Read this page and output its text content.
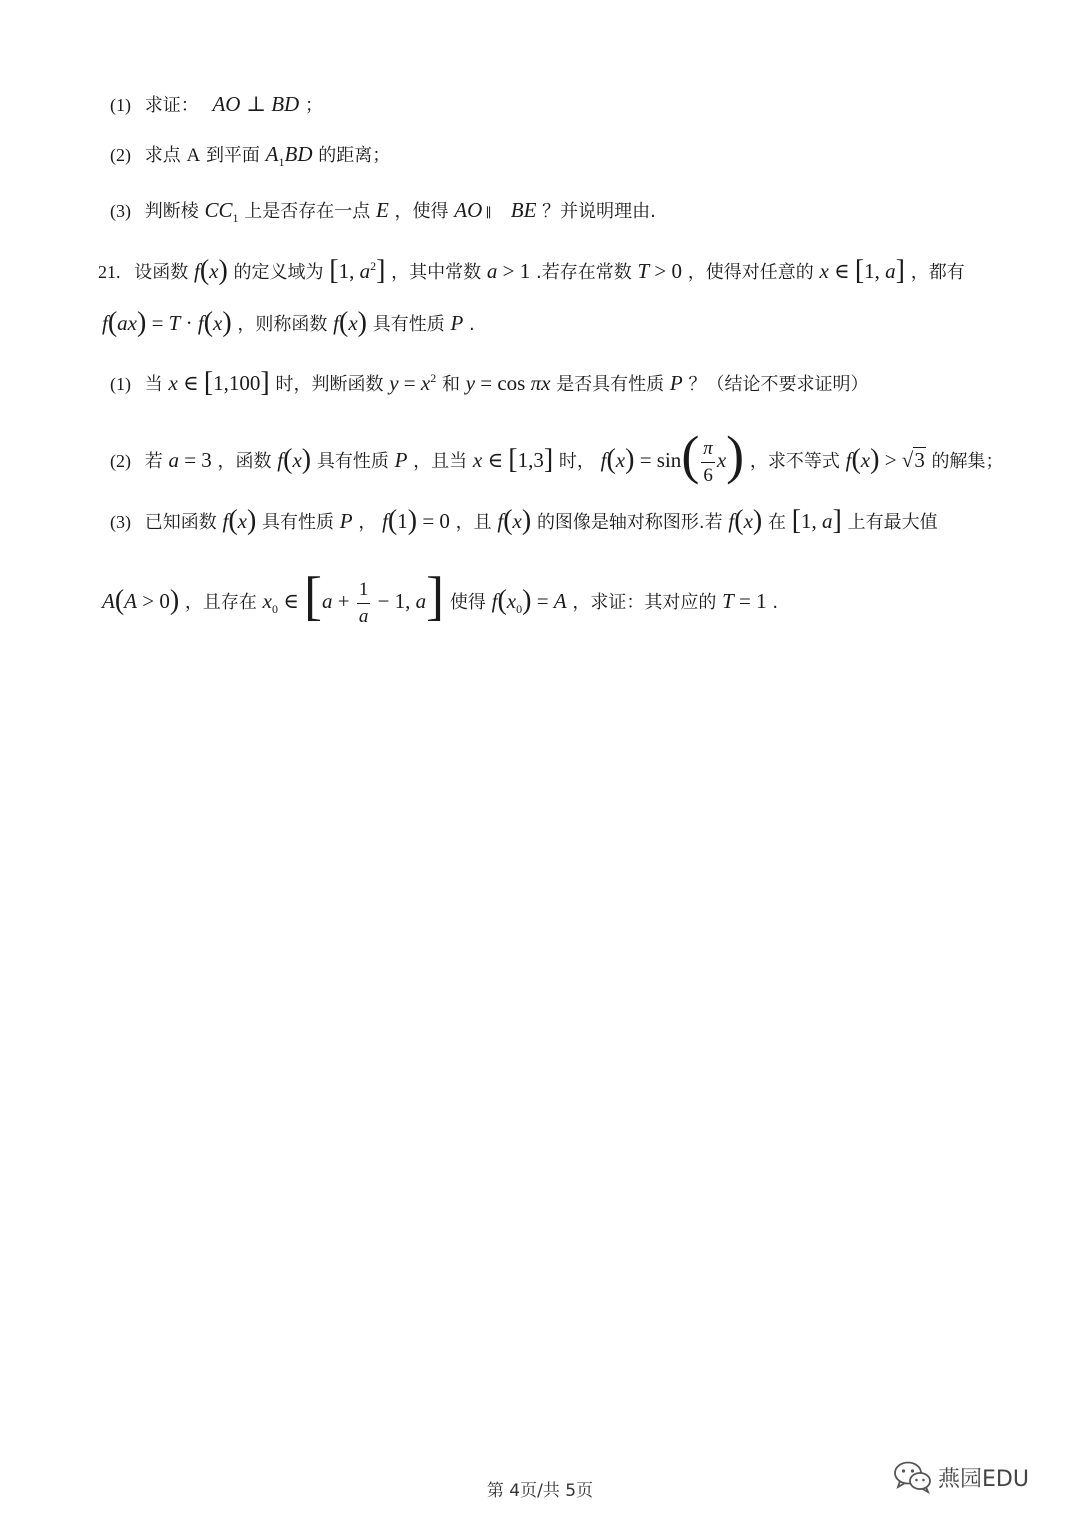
(1) 求证： AO ⊥ BD ；
(2) 求点 A 到平面 $A_1BD$ 的距离；
(3) 判断棱 $CC_1$ 上是否存在一点 E ，使得 AO ∥ BE ？并说明理由.
21. 设函数 f(x) 的定义域为 [1, $a^2$] ，其中常数 a > 1 .若存在常数 T > 0 ，使得对任意的 x ∈ [1, a] ，都有
f(ax) = T · f(x) ，则称函数 f(x) 具有性质 P .
(1) 当 x ∈ [1,100] 时，判断函数 $y = x^2$ 和 y = cos πx 是否具有性质 P ？（结论不要求证明）
(2) 若 a = 3 ，函数 f(x) 具有性质 P ，且当 x ∈ [1,3] 时， $f(x) = \sin( \frac{\pi}{6} x)$ ，求不等式 f(x) > √3 的解集；
(3) 已知函数 f(x) 具有性质 P ， f(1) = 0 ，且 f(x) 的图像是轴对称图形.若 f(x) 在 [1, a] 上有最大值
A(A > 0) ，且存在 $x_0$ ∈ [$a + \frac{1}{a} - 1$, a] 使得 $f(x_0) = A$ ，求证：其对应的 T = 1 .
第 4页/共 5页	燕园EDU
